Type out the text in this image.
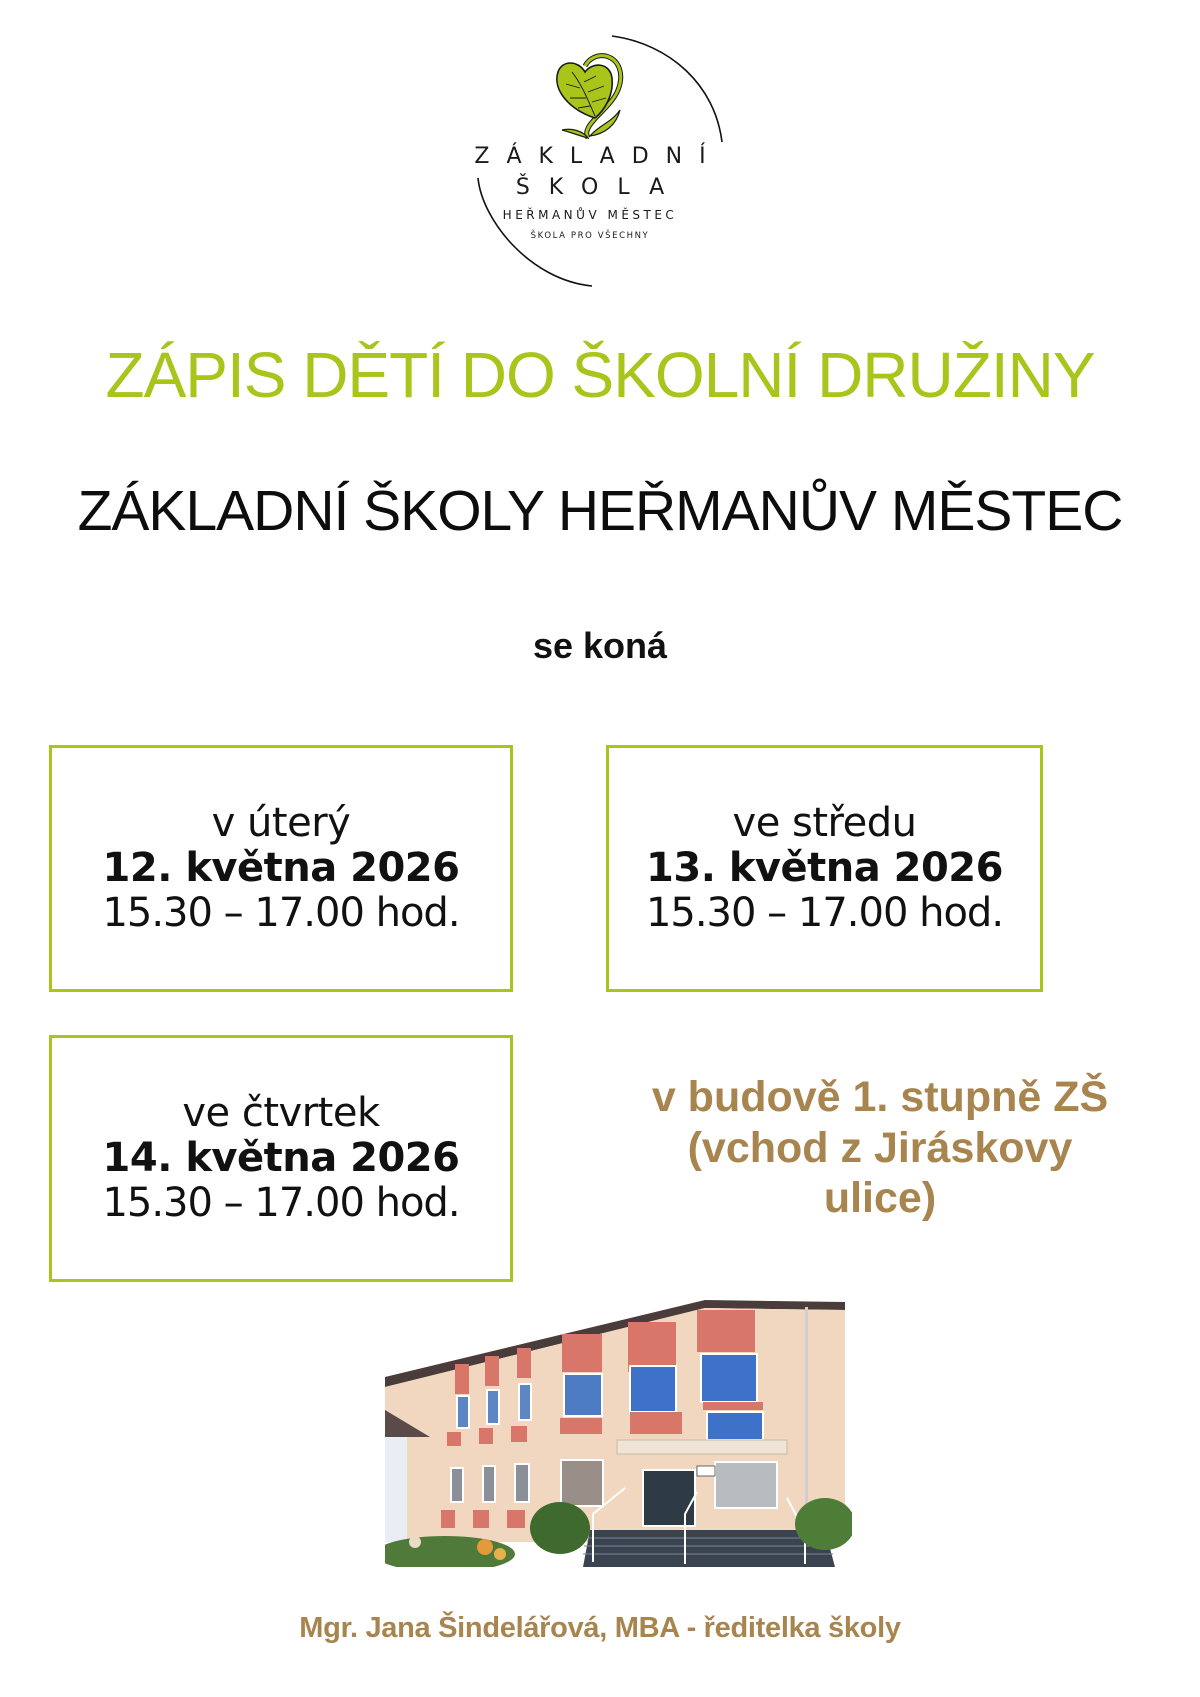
ZÁKLADNÍ
ŠKOLA
HEŘMANŮV MĚSTEC
ŠKOLA PRO VŠECHNY
ZÁPIS DĚTÍ DO ŠKOLNÍ DRUŽINY
ZÁKLADNÍ ŠKOLY HEŘMANŮV MĚSTEC
se koná
v úterý
12. května 2026
15.30 – 17.00 hod.
ve středu
13. května 2026
15.30 – 17.00 hod.
ve čtvrtek
14. května 2026
15.30 – 17.00 hod.
v budově 1. stupně ZŠ
(vchod z Jiráskovy
ulice)
Mgr. Jana Šindelářová, MBA - ředitelka školy
